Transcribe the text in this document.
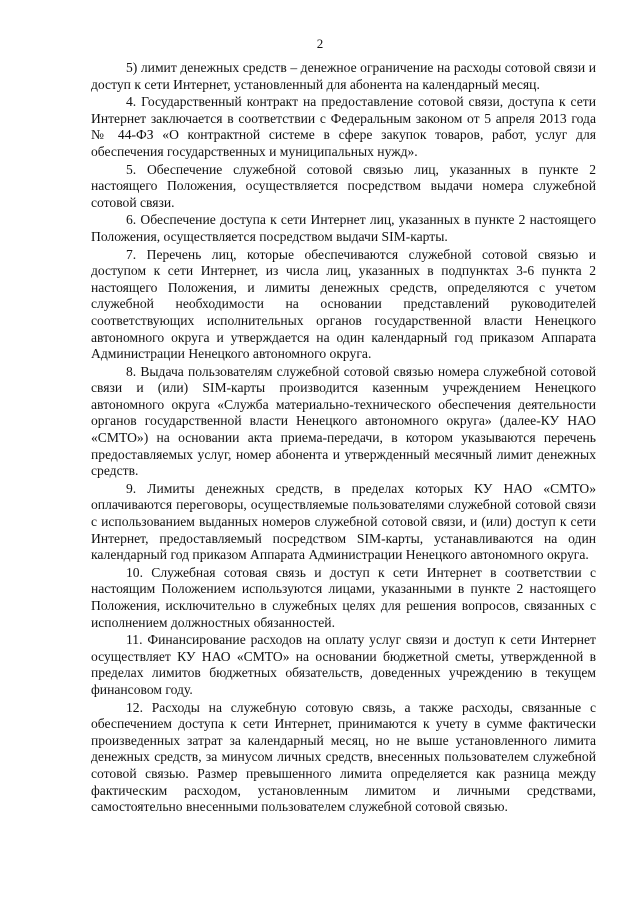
2

5) лимит денежных средств – денежное ограничение на расходы сотовой связи и доступ к сети Интернет, установленный для абонента на календарный месяц.

4. Государственный контракт на предоставление сотовой связи, доступа к сети Интернет заключается в соответствии с Федеральным законом от 5 апреля 2013 года № 44-ФЗ «О контрактной системе в сфере закупок товаров, работ, услуг для обеспечения государственных и муниципальных нужд».

5. Обеспечение служебной сотовой связью лиц, указанных в пункте 2 настоящего Положения, осуществляется посредством выдачи номера служебной сотовой связи.

6. Обеспечение доступа к сети Интернет лиц, указанных в пункте 2 настоящего Положения, осуществляется посредством выдачи SIM-карты.

7. Перечень лиц, которые обеспечиваются служебной сотовой связью и доступом к сети Интернет, из числа лиц, указанных в подпунктах 3-6 пункта 2 настоящего Положения, и лимиты денежных средств, определяются с учетом служебной необходимости на основании представлений руководителей соответствующих исполнительных органов государственной власти Ненецкого автономного округа и утверждается на один календарный год приказом Аппарата Администрации Ненецкого автономного округа.

8. Выдача пользователям служебной сотовой связью номера служебной сотовой связи и (или) SIM-карты производится казенным учреждением Ненецкого автономного округа «Служба материально-технического обеспечения деятельности органов государственной власти Ненецкого автономного округа» (далее-КУ НАО «СМТО») на основании акта приема-передачи, в котором указываются перечень предоставляемых услуг, номер абонента и утвержденный месячный лимит денежных средств.

9. Лимиты денежных средств, в пределах которых КУ НАО «СМТО» оплачиваются переговоры, осуществляемые пользователями служебной сотовой связи с использованием выданных номеров служебной сотовой связи, и (или) доступ к сети Интернет, предоставляемый посредством SIM-карты, устанавливаются на один календарный год приказом Аппарата Администрации Ненецкого автономного округа.

10. Служебная сотовая связь и доступ к сети Интернет в соответствии с настоящим Положением используются лицами, указанными в пункте 2 настоящего Положения, исключительно в служебных целях для решения вопросов, связанных с исполнением должностных обязанностей.

11. Финансирование расходов на оплату услуг связи и доступ к сети Интернет осуществляет КУ НАО «СМТО» на основании бюджетной сметы, утвержденной в пределах лимитов бюджетных обязательств, доведенных учреждению в текущем финансовом году.

12. Расходы на служебную сотовую связь, а также расходы, связанные с обеспечением доступа к сети Интернет, принимаются к учету в сумме фактически произведенных затрат за календарный месяц, но не выше установленного лимита денежных средств, за минусом личных средств, внесенных пользователем служебной сотовой связью. Размер превышенного лимита определяется как разница между фактическим расходом, установленным лимитом и личными средствами, самостоятельно внесенными пользователем служебной сотовой связью.
